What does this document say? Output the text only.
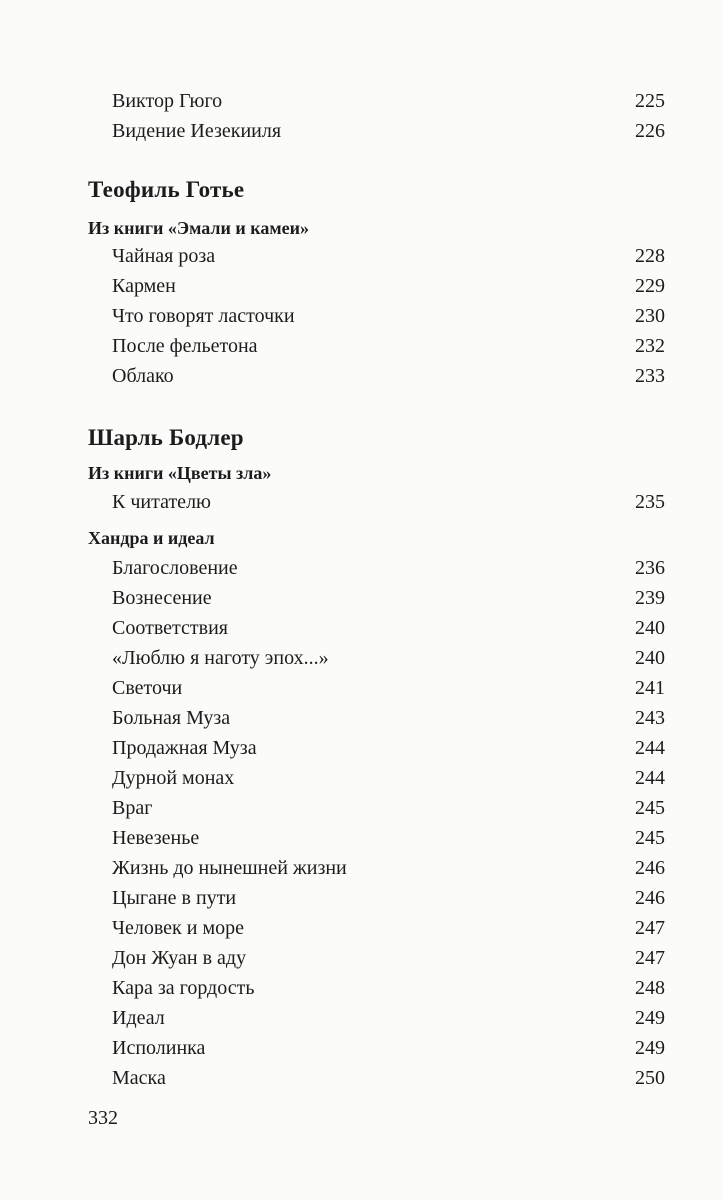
Виктор Гюго	225
Видение Иезекииля	226
Теофиль Готье
Из книги «Эмали и камеи»
Чайная роза	228
Кармен	229
Что говорят ласточки	230
После фельетона	232
Облако	233
Шарль Бодлер
Из книги «Цветы зла»
К читателю	235
Хандра и идеал
Благословение	236
Вознесение	239
Соответствия	240
«Люблю я наготу эпох...»	240
Светочи	241
Больная Муза	243
Продажная Муза	244
Дурной монах	244
Враг	245
Невезенье	245
Жизнь до нынешней жизни	246
Цыгане в пути	246
Человек и море	247
Дон Жуан в аду	247
Кара за гордость	248
Идеал	249
Исполинка	249
Маска	250
332
